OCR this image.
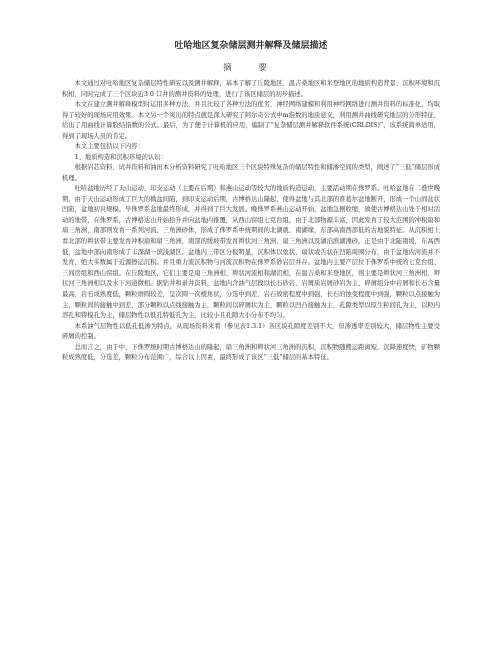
吐哈地区复杂储层测井解释及储层描述
摘 要

本文通过对吐哈地区复杂储层特性研究以及测井解释，基本了解了丘陵地区、温吉桑地区和米登地区的地质构造背景、沉积环境和沉积相，同时完成了三个区块近3 0 口井的测井资料的处理，进行了该区储层的初步描述。

本文在建立测井解释模型时运用多种方法，并且比较了各种方法的优劣，神经网络建模和利用神经网络进行测井资料的标准化，均取得了较好的现场应用效果。本文另一个突出的特点就是深入研究了阿尔奇公式中m指数的地质意义，利用测井曲线研究地层的分形特征，给出了用曲线计算胶结指数的公式。最后，为了便于计算机的应用，编制了“复杂储层测井解释软件系统(CRLDIS)”，该系统简单适用，得到了现场人员的肯定。

本文主要包括以下内容：

1、地质构造和沉积环境的认识：

根据岩芯资料、试井资料和油田本分析资料研究了吐哈地区三个区块特殊复杂的储层特性和储渗空间的类型，阐述了“三低”储层形成机理。

吐哈盆地历经了天山运动、印支运动（主要在后期）和燕山运动等较大的地质构造运动，主要活动期在侏罗系。吐哈盆地在二叠世晚期，由于天山运动形成了巨大的拗盆间陷，到印支运动后期，古博格达山隆起，使得盆地与其北部的准葛尔盆地断开，形成一个山间盆状凹陷，盆地初具规模。早侏罗系盆地最终形成，并得到了巨大发展。晚侏罗系燕山运动开始，盆地急剧收缩，致使古博格达山处于相对活动的地带，在侏罗系，古博格达山开始抬升并向盆地内推覆，从西山窑组七克台组，由于北部物源丰富，因此发育了较大范围的冲积扇和扇三角洲，南部则发育一系列河流、三角洲砂体，形成了侏罗系中统期间的北湖就、南湖缘，东部高南西部低的古地貌特征。从沉积相上看北部的辫状带主要发育冲积扇和扇三角洲，南部的缓坡带发育辫状河三角洲、扇三角洲以及湖泊滨湖滩砂。正是由于北陡南缓，东高西低，盆地中部向南形成了丰深湖一滨浅湖区。盆地内三带区分报明显，沉积体以象状、扇状或舌状在凹陷周围分布，由于盆地内河流并不发育，绝大多数属于近源擦运沉积。并且重力流沉积物与河流沉积物在侏罗系砂岩层并存。盆地内主要产层位于侏罗系中统的七克台组、三间房组和西山窑组。在丘陵地区，它们主要是扇三角洲相、辫状河流相和湖沼相，在温吉桑和米登地区，则主要是辫状河三角洲相、辫状河三角洲相以及水下河道微相。据钻井和录井资料，盆地内含油气层段以长石砂岩、岩屑质岩屑砂岩为主，碎屑组分中岩屑和长石含量最高，岩石成熟度低，颗粒磨圆较差，呈次圆一次棱角状，分选中到差，岩石致密程度中到强，长石的蚀变程度中到强，颗粒以点接触为主，颗粒间的接触中到差，部分颗粒以点线接触为主，颗粒间以碎屑状为主，颗粒以凹凸接触为主，孔隙类型以原生粒间孔为主，以粒内溶孔和铸模孔为主，储层物性以低孔特低孔为主，比较小且孔隙大小分布不均匀。

本系油气层物性以低孔低渗为特点，从现场资料来看（参见表1.3.1）各区块孔隙度差别不大，但渗透率差别较大，储层物性主要受碎屑的控制。

总而言之，由于中、下侏罗统时期古博格达山的隆起，扇三角洲和辫状河三角洲的沉积，沉积物随搬运距离短，沉降速度快，矿物颗粒成熟度低，分选差，颗粒分布范围广，综合以上因素，最终形成了该区“三低”储层的基本特征。
